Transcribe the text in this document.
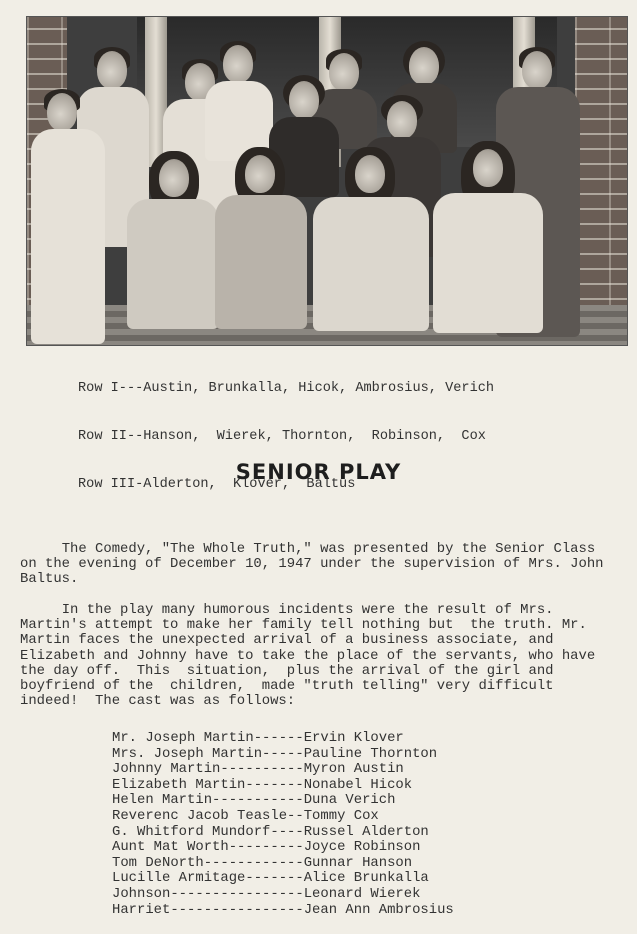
Row I---Austin, Brunkalla, Hicok, Ambrosius, Verich

Row II--Hanson,  Wierek, Thornton,  Robinson,  Cox

Row III-Alderton,  Klover,  Baltus

SENIOR PLAY
The Comedy, "The Whole Truth," was presented by the Senior Class on the evening of December 10, 1947 under the supervision of Mrs. John Baltus.
In the play many humorous incidents were the result of Mrs. Martin's attempt to make her family tell nothing but  the truth. Mr. Martin faces the unexpected arrival of a business associate, and Elizabeth and Johnny have to take the place of the servants, who have the day off.  This  situation,  plus the arrival of the girl and boyfriend of the  children,  made "truth telling" very difficult indeed!  The cast was as follows:
Mr. Joseph Martin------Ervin Klover
Mrs. Joseph Martin-----Pauline Thornton
Johnny Martin----------Myron Austin
Elizabeth Martin-------Nonabel Hicok
Helen Martin-----------Duna Verich
Reverenc Jacob Teasle--Tommy Cox
G. Whitford Mundorf----Russel Alderton
Aunt Mat Worth---------Joyce Robinson
Tom DeNorth------------Gunnar Hanson
Lucille Armitage-------Alice Brunkalla
Johnson----------------Leonard Wierek
Harriet----------------Jean Ann Ambrosius
